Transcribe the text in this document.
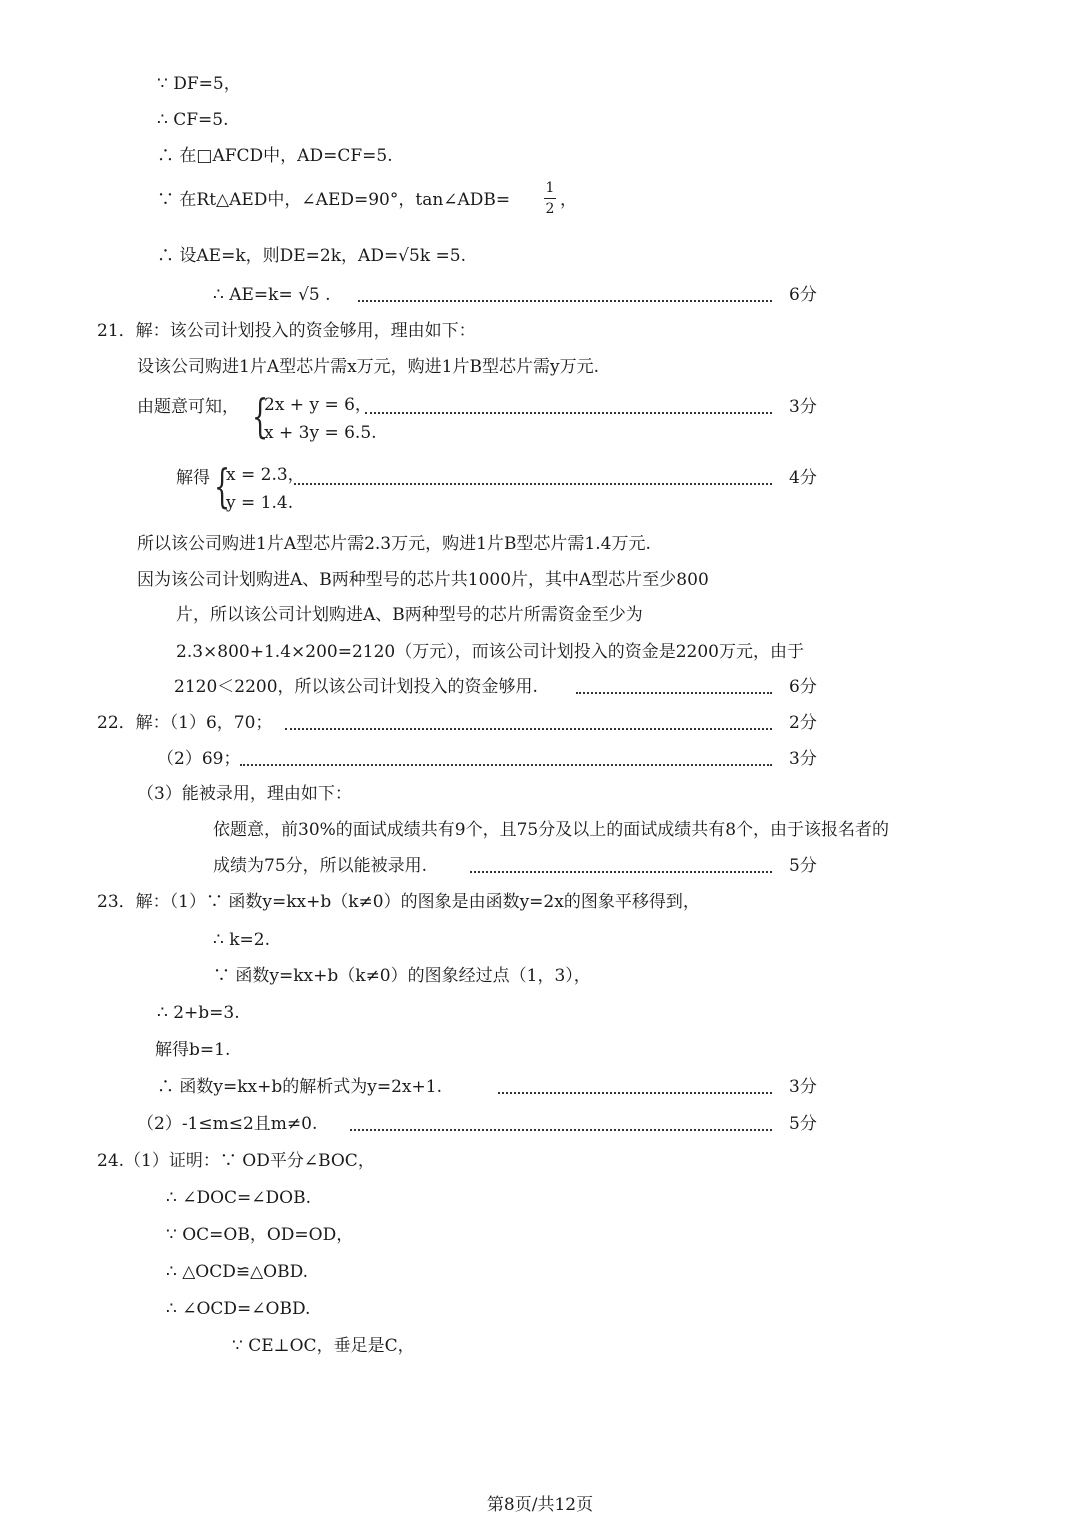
∵ DF=5，
∴ CF=5.
∴ 在□AFCD中，AD=CF=5.
∵ 在Rt△AED中，∠AED=90°，tan∠ADB=
1
2 ，
∴ 设AE=k，则DE=2k，AD=√5k =5.
∴ AE=k= √5 .	6分
21．解：该公司计划投入的资金够用，理由如下：
设该公司购进1片A型芯片需x万元，购进1片B型芯片需y万元.
由题意可知， {
2x + y = 6，
x + 3y = 6.5.
3分
解得 {
x = 2.3，
y = 1.4.
4分
所以该公司购进1片A型芯片需2.3万元，购进1片B型芯片需1.4万元.
因为该公司计划购进A、B两种型号的芯片共1000片，其中A型芯片至少800
片，所以该公司计划购进A、B两种型号的芯片所需资金至少为
2.3×800+1.4×200=2120（万元），而该公司计划投入的资金是2200万元，由于
2120＜2200，所以该公司计划投入的资金够用.	6分
22．解：（1）6，70；	2分
（2）69；	3分
（3）能被录用，理由如下：
依题意，前30%的面试成绩共有9个，且75分及以上的面试成绩共有8个，由于该报名者的
成绩为75分，所以能被录用.	5分
23．解：（1）∵ 函数y=kx+b（k≠0）的图象是由函数y=2x的图象平移得到，
∴ k=2.
∵ 函数y=kx+b（k≠0）的图象经过点（1，3），
∴ 2+b=3.
解得b=1.
∴ 函数y=kx+b的解析式为y=2x+1.	3分
（2）-1≤m≤2且m≠0.	5分
24.（1）证明：∵ OD平分∠BOC，
∴ ∠DOC=∠DOB.
∵ OC=OB，OD=OD，
∴ △OCD≌△OBD.
∴ ∠OCD=∠OBD.
∵ CE⊥OC，垂足是C，
第8页/共12页
